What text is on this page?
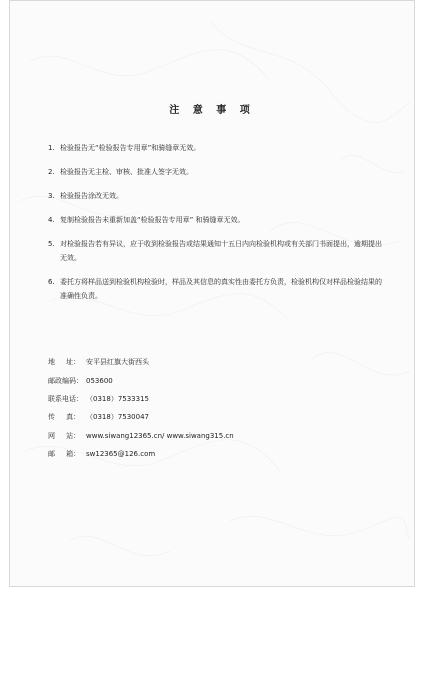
注 意 事 项
1. 检验报告无“检验报告专用章”和骑缝章无效。
2. 检验报告无主检、审核、批准人签字无效。
3. 检验报告涂改无效。
4. 复制检验报告未重新加盖“检验报告专用章” 和骑缝章无效。
5. 对检验报告若有异议，应于收到检验报告或结果通知十五日内向检验机构或有关部门书面提出，逾期提出无效。
6. 委托方将样品送到检验机构检验时，样品及其信息的真实性由委托方负责，检验机构仅对样品检验结果的准确性负责。
地     址： 安平县红旗大街西头
邮政编码： 053600
联系电话： （0318）7533315
传     真： （0318）7530047
网     站： www.siwang12365.cn/ www.siwang315.cn
邮     箱： sw12365@126.com
